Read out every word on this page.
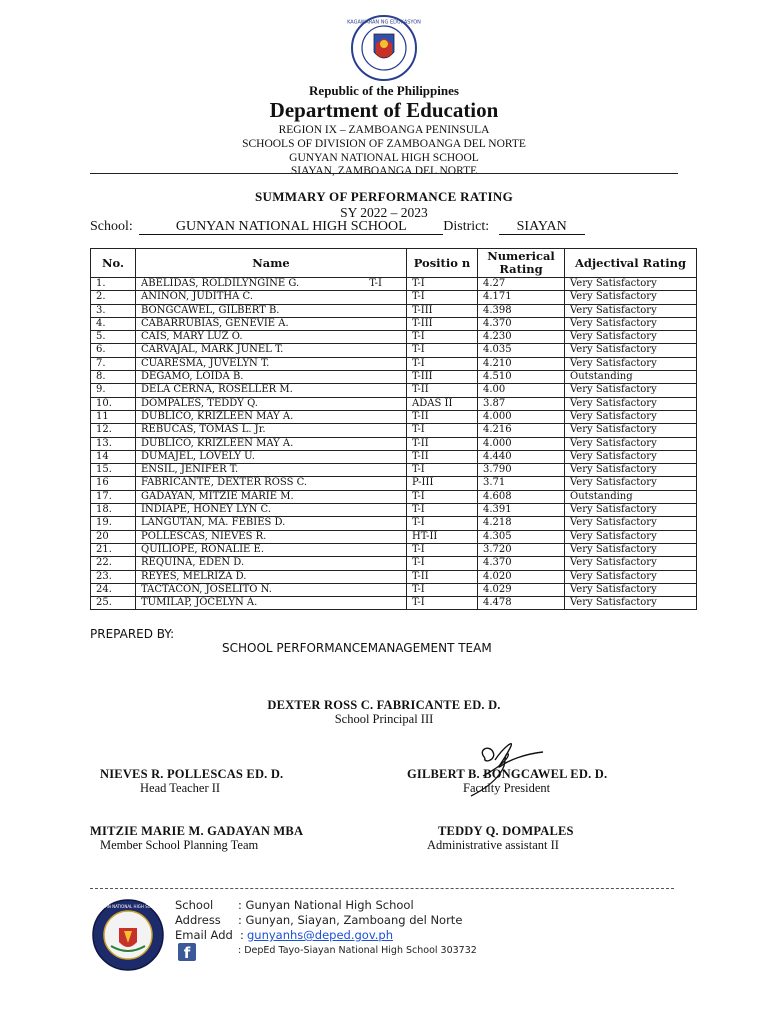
KAGAWARAN NG EDUKASYON
Republic of the Philippines
Department of Education
REGION IX – ZAMBOANGA PENINSULA
SCHOOLS OF DIVISION OF ZAMBOANGA DEL NORTE
GUNYAN NATIONAL HIGH SCHOOL
SIAYAN, ZAMBOANGA DEL NORTE
SUMMARY OF PERFORMANCE RATING
SY 2022 – 2023
School:	GUNYAN NATIONAL HIGH SCHOOL	District: SIAYAN
No.	Name	Positio n	Numerical Rating	Adjectival Rating
1.	ABELIDAS, ROLDILYNGINE G. T-I	T-I	4.27	Very Satisfactory
2.	ANINON, JUDITHA C.	T-I	4.171	Very Satisfactory
3.	BONGCAWEL, GILBERT B.	T-III	4.398	Very Satisfactory
4.	CABARRUBIAS, GENEVIE A.	T-III	4.370	Very Satisfactory
5.	CAIS, MARY LUZ O.	T-I	4.230	Very Satisfactory
6.	CARVAJAL, MARK JUNEL T.	T-I	4.035	Very Satisfactory
7.	CUARESMA, JUVELYN T.	T-I	4.210	Very Satisfactory
8.	DEGAMO, LOIDA B.	T-III	4.510	Outstanding
9.	DELA CERNA, ROSELLER M.	T-II	4.00	Very Satisfactory
10.	DOMPALES, TEDDY Q.	ADAS II	3.87	Very Satisfactory
11	DUBLICO, KRIZLEEN MAY A.	T-II	4.000	Very Satisfactory
12.	REBUCAS, TOMAS L. Jr.	T-I	4.216	Very Satisfactory
13.	DUBLICO, KRIZLEEN MAY A.	T-II	4.000	Very Satisfactory
14	DUMAJEL, LOVELY U.	T-II	4.440	Very Satisfactory
15.	ENSIL, JENIFER T.	T-I	3.790	Very Satisfactory
16	FABRICANTE, DEXTER ROSS C.	P-III	3.71	Very Satisfactory
17.	GADAYAN, MITZIE MARIE M.	T-I	4.608	Outstanding
18.	INDIAPE, HONEY LYN C.	T-I	4.391	Very Satisfactory
19.	LANGUTAN, MA. FEBIES D.	T-I	4.218	Very Satisfactory
20	POLLESCAS, NIEVES R.	HT-II	4.305	Very Satisfactory
21.	QUILIOPE, RONALIE E.	T-I	3.720	Very Satisfactory
22.	REQUINA, EDEN D.	T-I	4.370	Very Satisfactory
23.	REYES, MELRIZA D.	T-II	4.020	Very Satisfactory
24.	TACTACON, JOSELITO N.	T-I	4.029	Very Satisfactory
25.	TUMILAP, JOCELYN A.	T-I	4.478	Very Satisfactory
PREPARED BY:
SCHOOL PERFORMANCEMANAGEMENT TEAM
DEXTER ROSS C. FABRICANTE ED. D.
School Principal III
NIEVES R. POLLESCAS ED. D.
Head Teacher II
GILBERT B. BONGCAWEL ED. D.
Faculty President
MITZIE MARIE M. GADAYAN MBA
Member School Planning Team
TEDDY Q. DOMPALES
Administrative assistant II
GUNYAN NATIONAL HIGH SCHOOL School : Gunyan National High School
Address : Gunyan, Siayan, Zamboang del Norte
Email Add : gunyanhs@deped.gov.ph
f	: DepEd Tayo-Siayan National High School 303732
